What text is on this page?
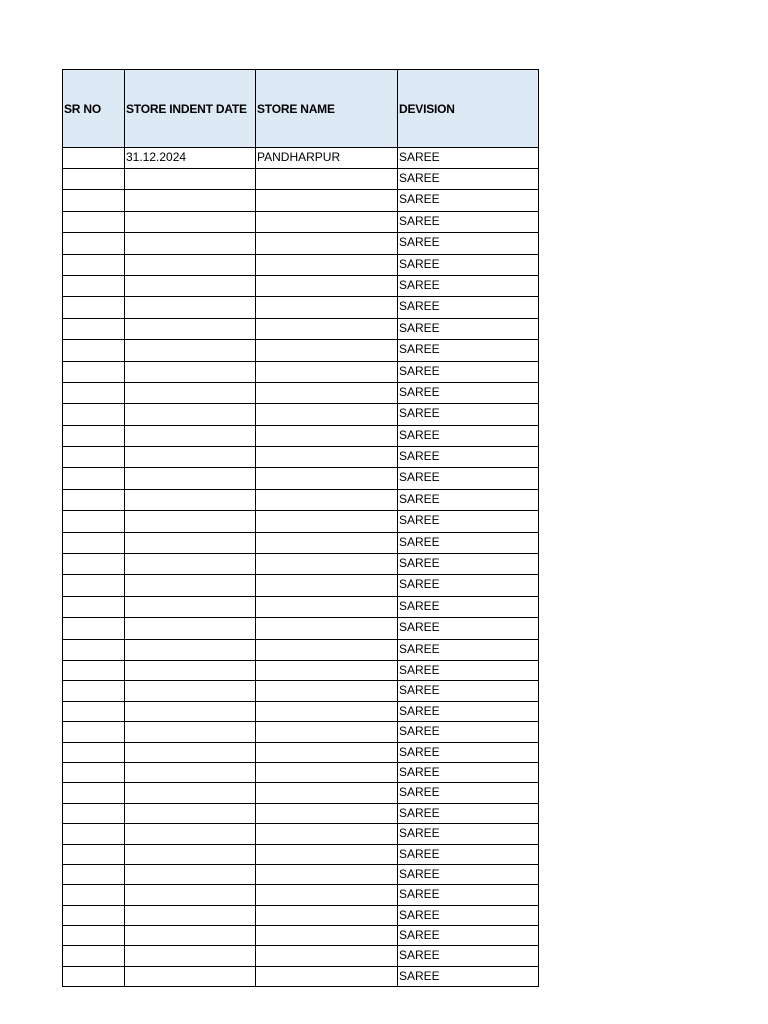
SR NO	STORE INDENT DATE	STORE NAME	DEVISION
	31.12.2024	PANDHARPUR	SAREE
			SAREE
			SAREE
			SAREE
			SAREE
			SAREE
			SAREE
			SAREE
			SAREE
			SAREE
			SAREE
			SAREE
			SAREE
			SAREE
			SAREE
			SAREE
			SAREE
			SAREE
			SAREE
			SAREE
			SAREE
			SAREE
			SAREE
			SAREE
			SAREE
			SAREE
			SAREE
			SAREE
			SAREE
			SAREE
			SAREE
			SAREE
			SAREE
			SAREE
			SAREE
			SAREE
			SAREE
			SAREE
			SAREE
			SAREE
